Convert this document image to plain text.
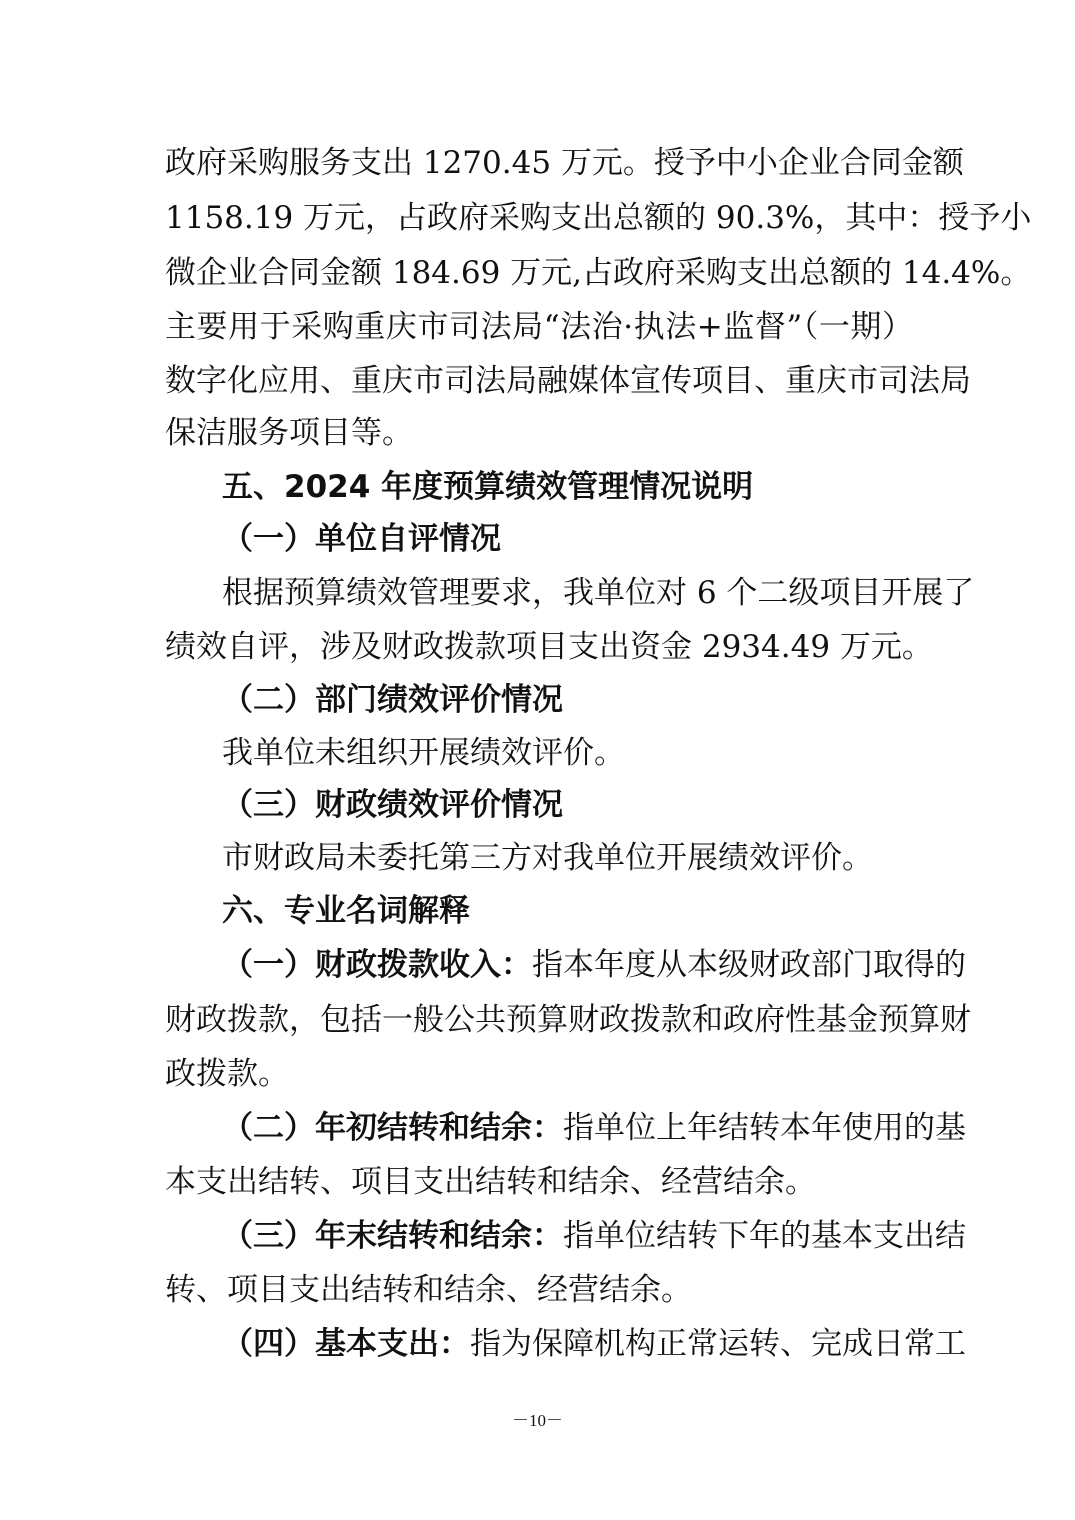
政府采购服务支出 1270.45 万元。授予中小企业合同金额
1158.19 万元，占政府采购支出总额的 90.3%，其中：授予小
微企业合同金额 184.69 万元,占政府采购支出总额的 14.4%。
主要用于采购重庆市司法局“法治·执法+监督”（一期）
数字化应用、重庆市司法局融媒体宣传项目、重庆市司法局
保洁服务项目等。
五、2024 年度预算绩效管理情况说明
（一）单位自评情况
根据预算绩效管理要求，我单位对 6 个二级项目开展了
绩效自评，涉及财政拨款项目支出资金 2934.49 万元。
（二）部门绩效评价情况
我单位未组织开展绩效评价。
（三）财政绩效评价情况
市财政局未委托第三方对我单位开展绩效评价。
六、专业名词解释
（一）财政拨款收入：指本年度从本级财政部门取得的
财政拨款，包括一般公共预算财政拨款和政府性基金预算财
政拨款。
（二）年初结转和结余：指单位上年结转本年使用的基
本支出结转、项目支出结转和结余、经营结余。
（三）年末结转和结余：指单位结转下年的基本支出结
转、项目支出结转和结余、经营结余。
（四）基本支出：指为保障机构正常运转、完成日常工
－10－
